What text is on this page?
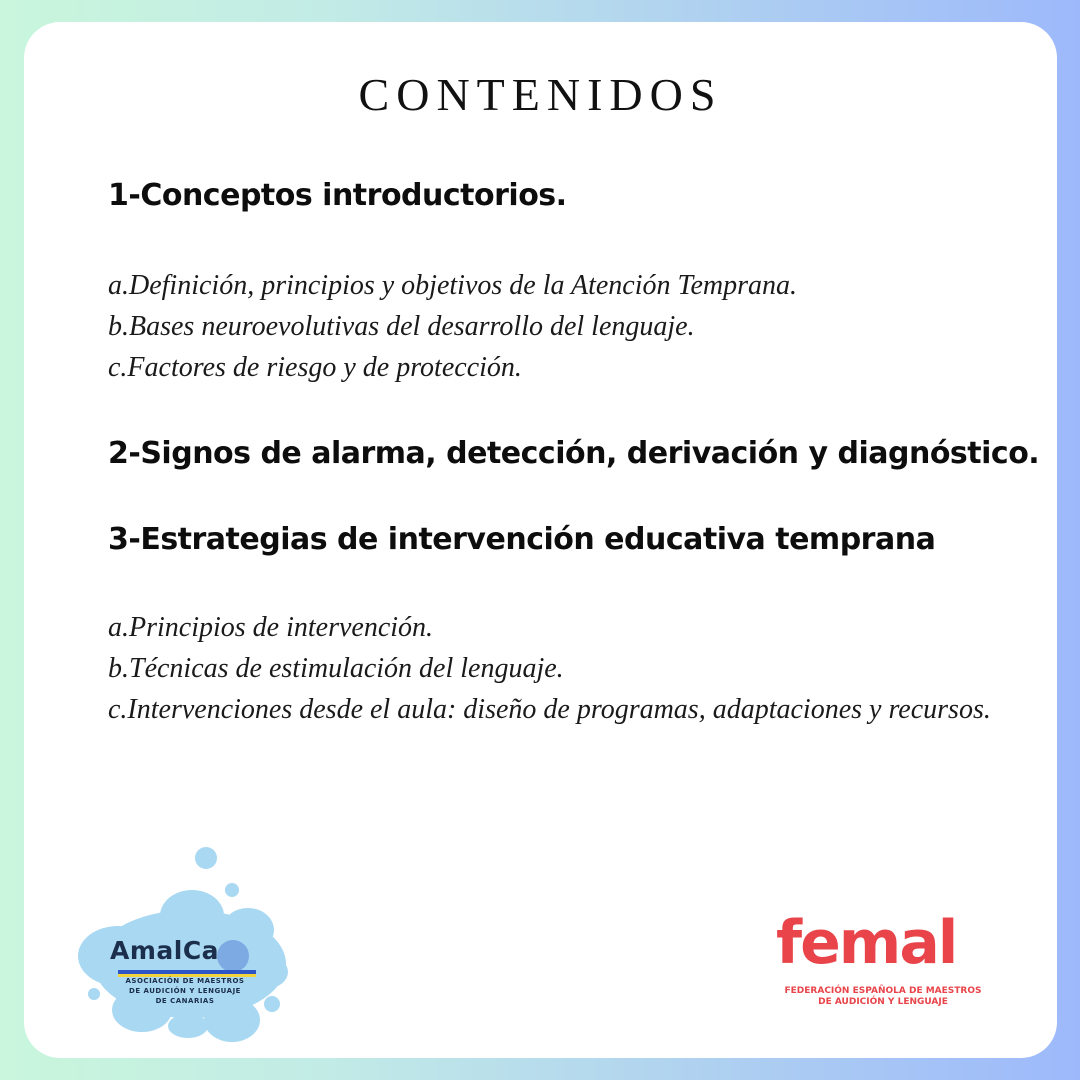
CONTENIDOS
1-Conceptos introductorios.
a.Definición, principios y objetivos de la Atención Temprana.
b.Bases neuroevolutivas del desarrollo del lenguaje.
c.Factores de riesgo y de protección.
2-Signos de alarma, detección, derivación y diagnóstico.
3-Estrategias de intervención educativa temprana
a.Principios de intervención.
b.Técnicas de estimulación del lenguaje.
c.Intervenciones desde el aula: diseño de programas, adaptaciones y recursos.
AmalCa
ASOCIACIÓN DE MAESTROS
DE AUDICIÓN Y LENGUAJE
DE CANARIAS
femal
FEDERACIÓN ESPAÑOLA DE MAESTROS
DE AUDICIÓN Y LENGUAJE
